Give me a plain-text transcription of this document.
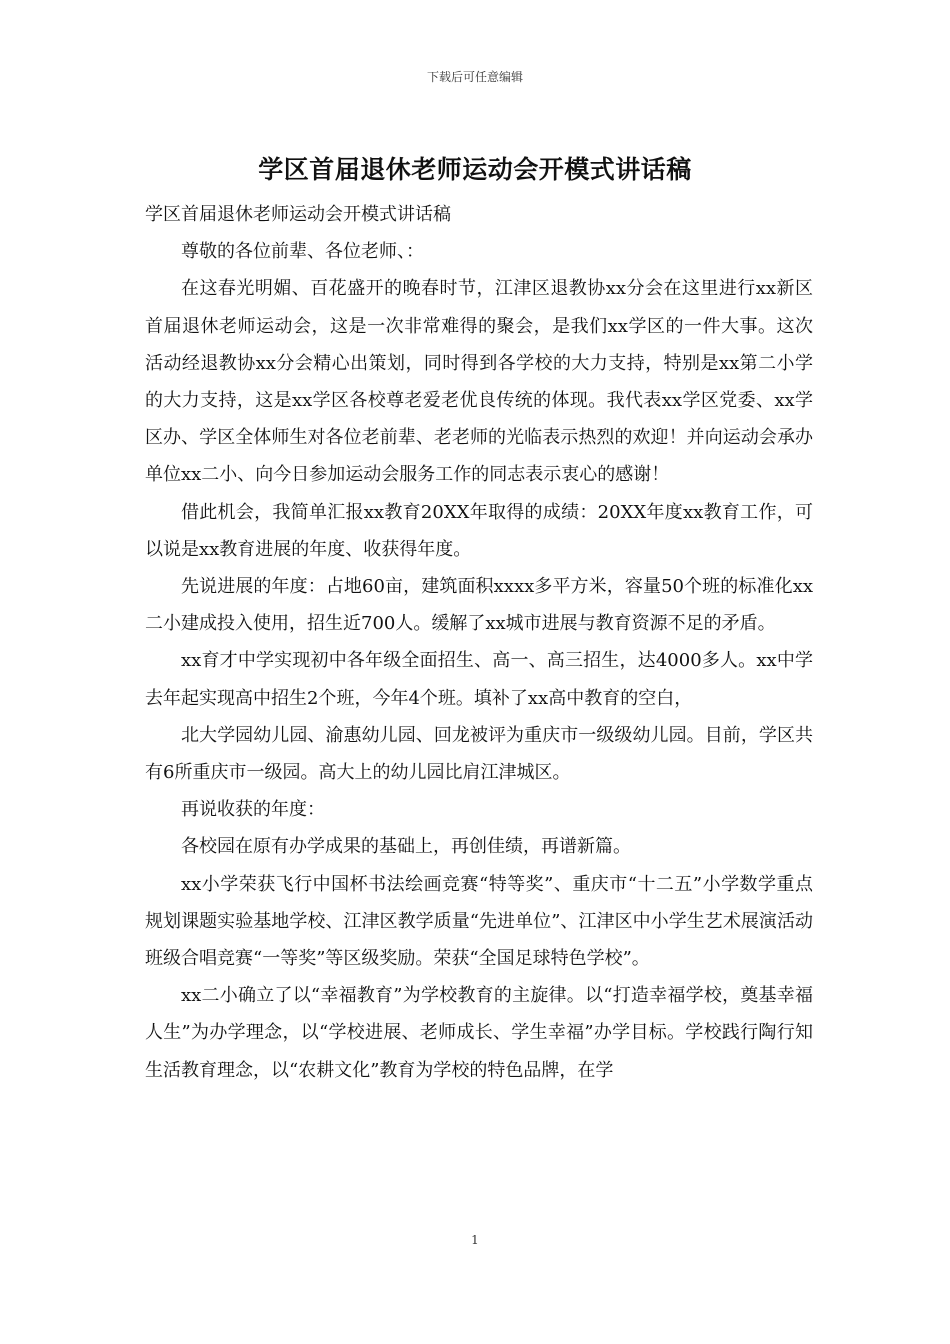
下载后可任意编辑
学区首届退休老师运动会开模式讲话稿

学区首届退休老师运动会开模式讲话稿

尊敬的各位前辈、各位老师、：

在这春光明媚、百花盛开的晚春时节，江津区退教协xx分会在这里进行xx新区首届退休老师运动会，这是一次非常难得的聚会，是我们xx学区的一件大事。这次活动经退教协xx分会精心出策划，同时得到各学校的大力支持，特别是xx第二小学的大力支持，这是xx学区各校尊老爱老优良传统的体现。我代表xx学区党委、xx学区办、学区全体师生对各位老前辈、老老师的光临表示热烈的欢迎！并向运动会承办单位xx二小、向今日参加运动会服务工作的同志表示衷心的感谢！

借此机会，我简单汇报xx教育20XX年取得的成绩：20XX年度xx教育工作，可以说是xx教育进展的年度、收获得年度。

先说进展的年度：占地60亩，建筑面积xxxx多平方米，容量50个班的标准化xx二小建成投入使用，招生近700人。缓解了xx城市进展与教育资源不足的矛盾。

xx育才中学实现初中各年级全面招生、高一、高三招生，达4000多人。xx中学去年起实现高中招生2个班，今年4个班。填补了xx高中教育的空白，

北大学园幼儿园、渝惠幼儿园、回龙被评为重庆市一级级幼儿园。目前，学区共有6所重庆市一级园。高大上的幼儿园比肩江津城区。

再说收获的年度：

各校园在原有办学成果的基础上，再创佳绩，再谱新篇。

xx小学荣获飞行中国杯书法绘画竞赛“特等奖”、重庆市“十二五”小学数学重点规划课题实验基地学校、江津区教学质量“先进单位”、江津区中小学生艺术展演活动班级合唱竞赛“一等奖”等区级奖励。荣获“全国足球特色学校”。

xx二小确立了以“幸福教育”为学校教育的主旋律。以“打造幸福学校，奠基幸福人生”为办学理念，以“学校进展、老师成长、学生幸福”办学目标。学校践行陶行知生活教育理念，以“农耕文化”教育为学校的特色品牌，在学

1
